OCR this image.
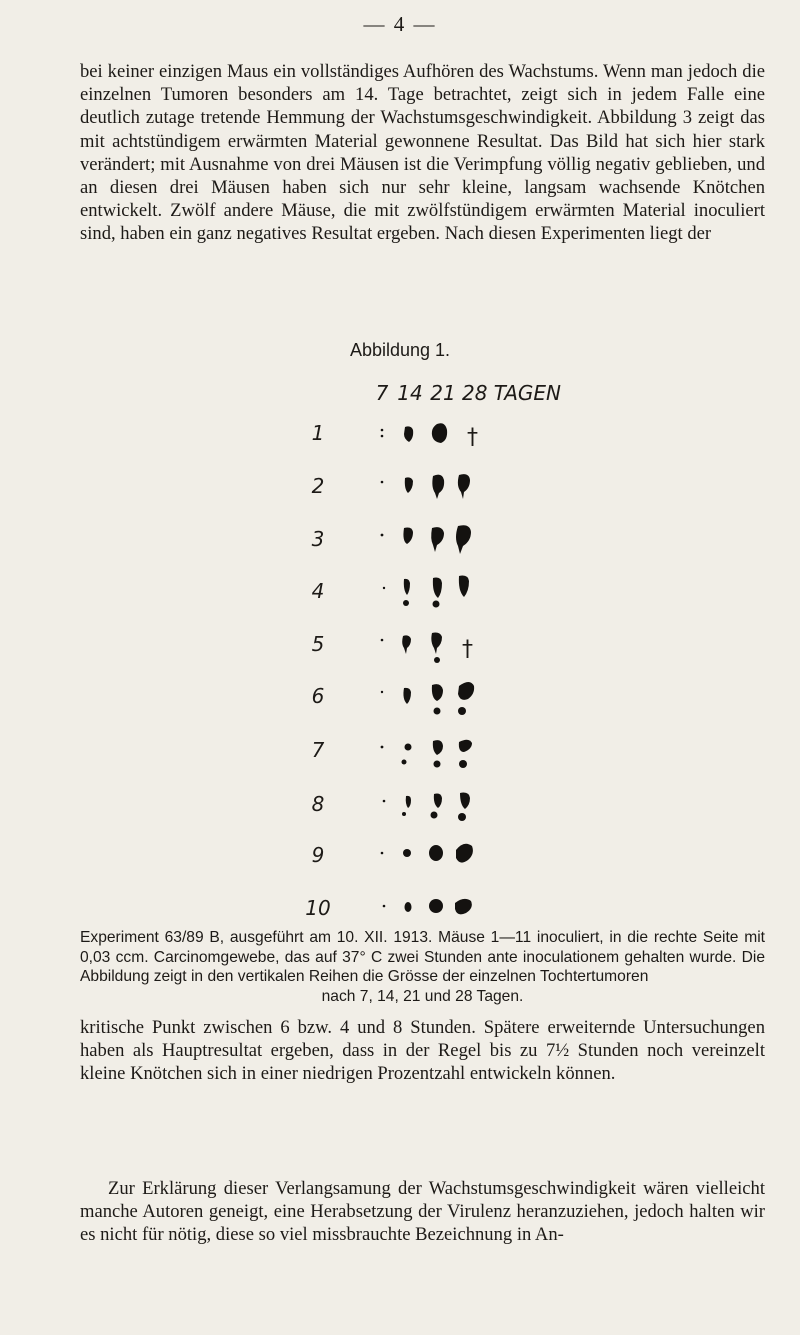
— 4 —

bei keiner einzigen Maus ein vollständiges Aufhören des Wachstums. Wenn man jedoch die einzelnen Tumoren besonders am 14. Tage betrachtet, zeigt sich in jedem Falle eine deutlich zutage tretende Hemmung der Wachstumsgeschwindigkeit. Abbildung 3 zeigt das mit achtstündigem erwärmten Material gewonnene Resultat. Das Bild hat sich hier stark verändert; mit Ausnahme von drei Mäusen ist die Verimpfung völlig negativ geblieben, und an diesen drei Mäusen haben sich nur sehr kleine, langsam wachsende Knötchen entwickelt. Zwölf andere Mäuse, die mit zwölfstündigem erwärmten Material inoculiert sind, haben ein ganz negatives Resultat ergeben. Nach diesen Experimenten liegt der

Abbildung 1.
7 14 21 28 TAGEN
1
2
3
4
5
6
7
8
9
10
†
†

Experiment 63/89 B, ausgeführt am 10. XII. 1913. Mäuse 1—11 inoculiert, in die rechte Seite mit 0,03 ccm. Carcinomgewebe, das auf 37° C zwei Stunden ante inoculationem gehalten wurde. Die Abbildung zeigt in den vertikalen Reihen die Grösse der einzelnen Tochtertumoren
nach 7, 14, 21 und 28 Tagen.

kritische Punkt zwischen 6 bzw. 4 und 8 Stunden. Spätere erweiternde Untersuchungen haben als Hauptresultat ergeben, dass in der Regel bis zu 7½ Stunden noch vereinzelt kleine Knötchen sich in einer niedrigen Prozentzahl entwickeln können.

Zur Erklärung dieser Verlangsamung der Wachstumsgeschwindigkeit wären vielleicht manche Autoren geneigt, eine Herabsetzung der Virulenz heranzuziehen, jedoch halten wir es nicht für nötig, diese so viel missbrauchte Bezeichnung in An-
